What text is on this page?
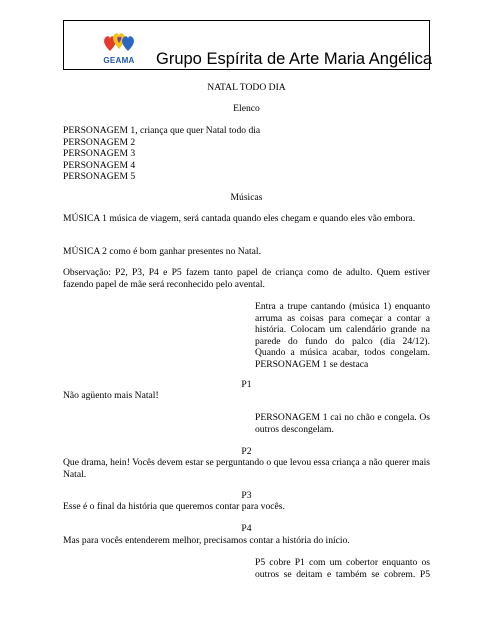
GEAMA Grupo Espírita de Arte Maria Angélica

NATAL TODO DIA

Elenco

PERSONAGEM 1, criança que quer Natal todo dia

PERSONAGEM 2

PERSONAGEM 3

PERSONAGEM 4

PERSONAGEM 5

Músicas

MÚSICA 1 música de viagem, será cantada quando eles chegam e quando eles vão embora.

MÚSICA 2 como é bom ganhar presentes no Natal.

Observação: P2, P3, P4 e P5 fazem tanto papel de criança como de adulto. Quem estiver fazendo papel de mãe será reconhecido pelo avental.

Entra a trupe cantando (música 1) enquanto arruma as coisas para começar a contar a história. Colocam um calendário grande na parede do fundo do palco (dia 24/12). Quando a música acabar, todos congelam. PERSONAGEM 1 se destaca

P1

Não agüento mais Natal!

PERSONAGEM 1 cai no chão e congela. Os outros descongelam.

P2

Que drama, hein! Vocês devem estar se perguntando o que levou essa criança a não querer mais Natal.

P3

Esse é o final da história que queremos contar para vocês.

P4

Mas para vocês entenderem melhor, precisamos contar a história do início.

P5 cobre P1 com um cobertor enquanto os outros se deitam e também se cobrem. P5
